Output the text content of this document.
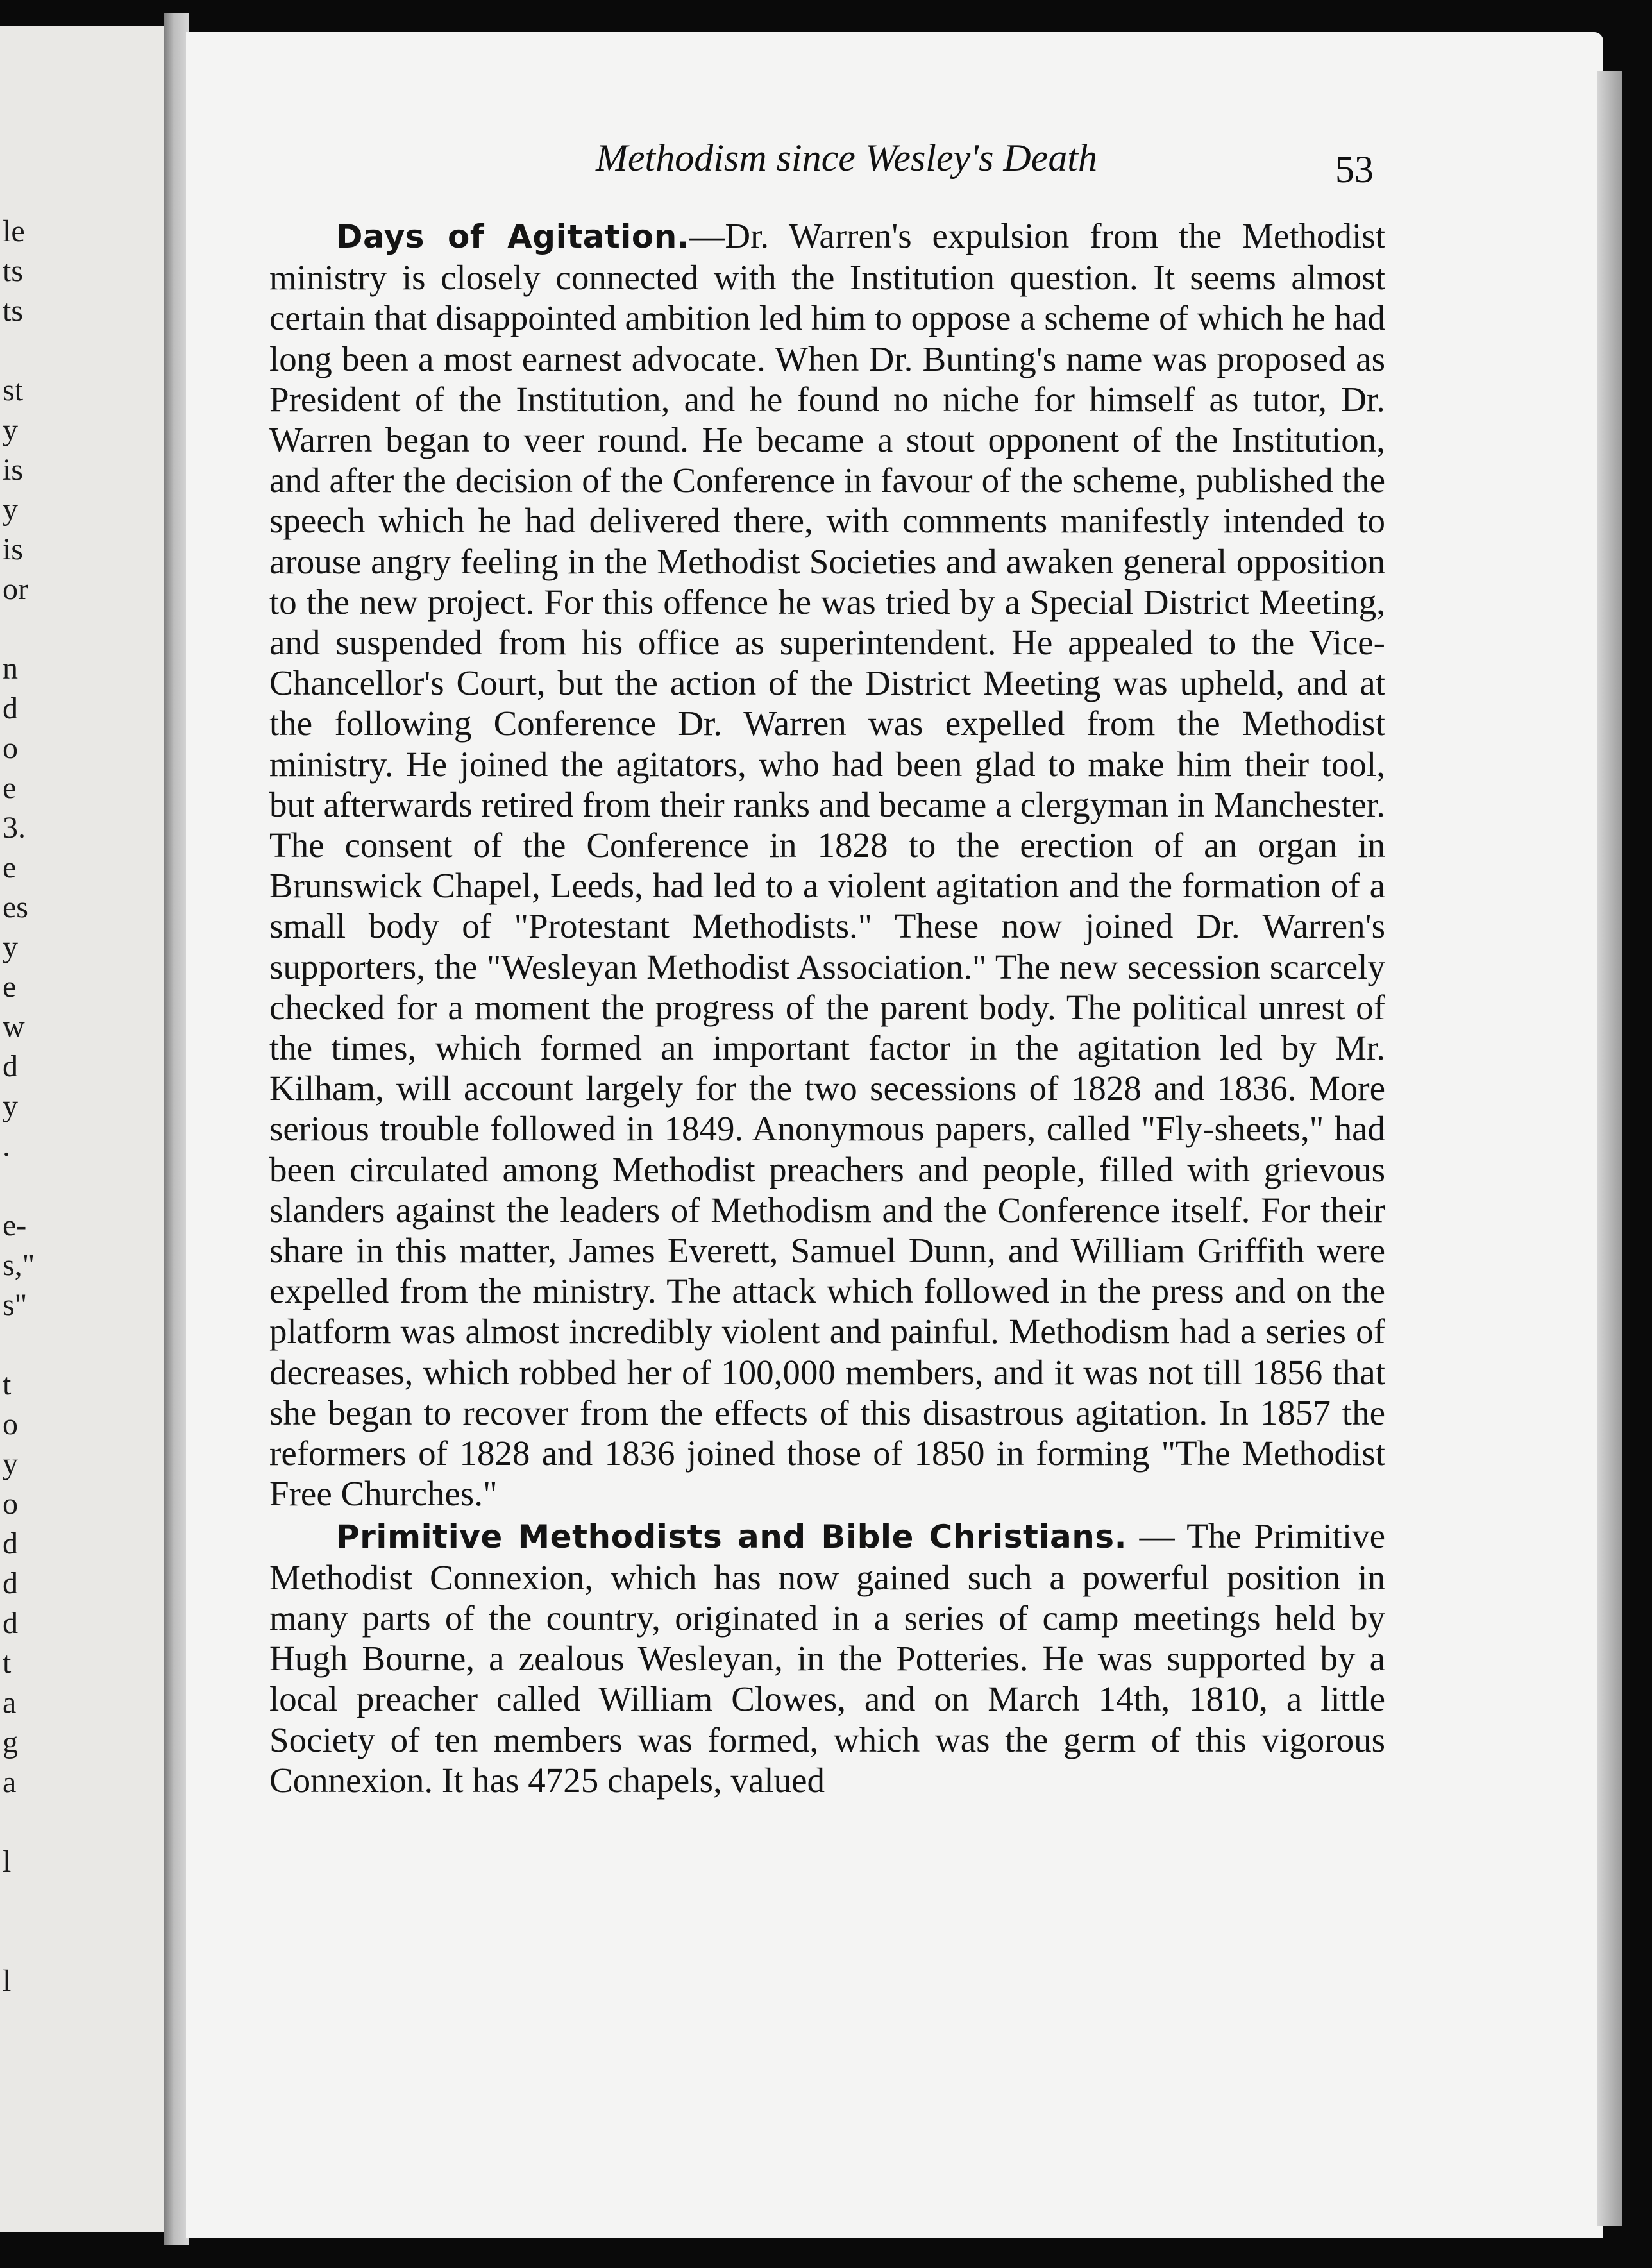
le
ts
ts
st
y
is
y
is
or
n
d
o
e
3.
e
es
y
e
w
d
y
.
e-
s,"
s"
t
o
y
o
d
d
d
t
a
g
a
l
l
Methodism since Wesley's Death	53

Days of Agitation.—Dr. Warren's expulsion from the Methodist ministry is closely connected with the Institution question. It seems almost certain that disappointed ambition led him to oppose a scheme of which he had long been a most earnest advocate. When Dr. Bunting's name was proposed as President of the Institution, and he found no niche for himself as tutor, Dr. Warren began to veer round. He became a stout opponent of the Institution, and after the decision of the Conference in favour of the scheme, published the speech which he had delivered there, with comments manifestly intended to arouse angry feeling in the Methodist Societies and awaken general opposition to the new project. For this offence he was tried by a Special District Meeting, and suspended from his office as superintendent. He appealed to the Vice-Chancellor's Court, but the action of the District Meeting was upheld, and at the following Conference Dr. Warren was expelled from the Methodist ministry. He joined the agitators, who had been glad to make him their tool, but afterwards retired from their ranks and became a clergyman in Manchester. The consent of the Conference in 1828 to the erection of an organ in Brunswick Chapel, Leeds, had led to a violent agitation and the formation of a small body of "Protestant Methodists." These now joined Dr. Warren's supporters, the "Wesleyan Methodist Association." The new secession scarcely checked for a moment the progress of the parent body. The political unrest of the times, which formed an important factor in the agitation led by Mr. Kilham, will account largely for the two secessions of 1828 and 1836. More serious trouble followed in 1849. Anonymous papers, called "Fly-sheets," had been circulated among Methodist preachers and people, filled with grievous slanders against the leaders of Methodism and the Conference itself. For their share in this matter, James Everett, Samuel Dunn, and William Griffith were expelled from the ministry. The attack which followed in the press and on the platform was almost incredibly violent and painful. Methodism had a series of decreases, which robbed her of 100,000 members, and it was not till 1856 that she began to recover from the effects of this disastrous agitation. In 1857 the reformers of 1828 and 1836 joined those of 1850 in forming "The Methodist Free Churches."

Primitive Methodists and Bible Christians. — The Primitive Methodist Connexion, which has now gained such a powerful position in many parts of the country, originated in a series of camp meetings held by Hugh Bourne, a zealous Wesleyan, in the Potteries. He was supported by a local preacher called William Clowes, and on March 14th, 1810, a little Society of ten members was formed, which was the germ of this vigorous Connexion. It has 4725 chapels, valued
